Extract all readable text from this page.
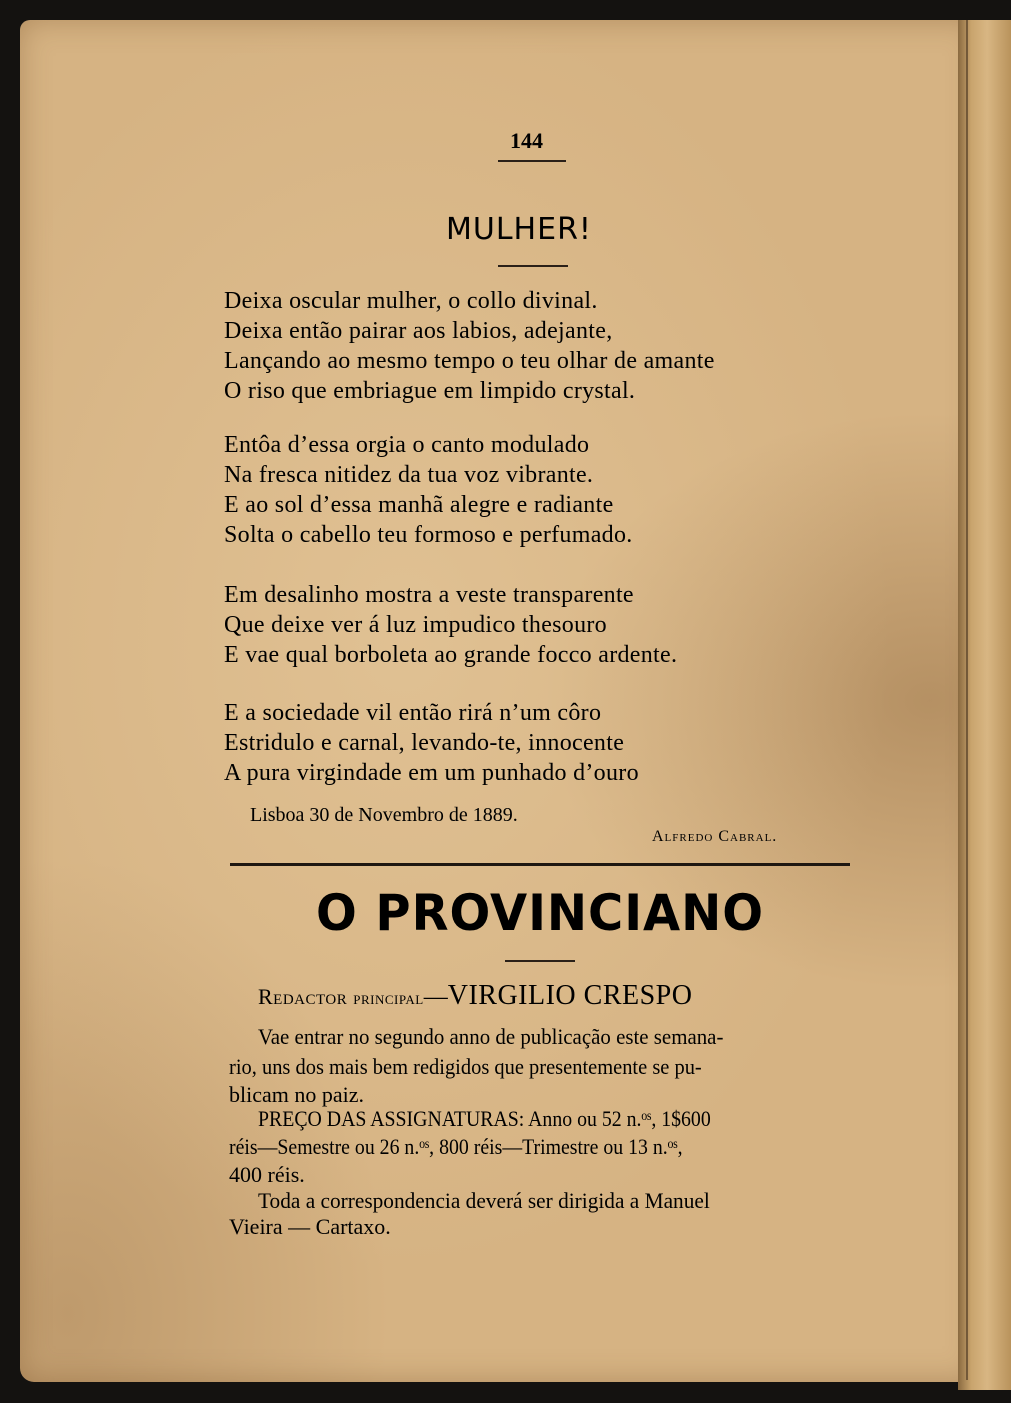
144
MULHER!
Deixa oscular mulher, o collo divinal.
Deixa então pairar aos labios, adejante,
Lançando ao mesmo tempo o teu olhar de amante
O riso que embriague em limpido crystal.
Entôa d’essa orgia o canto modulado
Na fresca nitidez da tua voz vibrante.
E ao sol d’essa manhã alegre e radiante
Solta o cabello teu formoso e perfumado.
Em desalinho mostra a veste transparente
Que deixe ver á luz impudico thesouro
E vae qual borboleta ao grande focco ardente.
E a sociedade vil então rirá n’um côro
Estridulo e carnal, levando-te, innocente
A pura virgindade em um punhado d’ouro
Lisboa 30 de Novembro de 1889.
Alfredo Cabral.
O PROVINCIANO
Redactor principal—VIRGILIO CRESPO
Vae entrar no segundo anno de publicação este semana-
rio, uns dos mais bem redigidos que presentemente se pu-
blicam no paiz.
PREÇO DAS ASSIGNATURAS: Anno ou 52 n.ᵒˢ, 1$600
réis—Semestre ou 26 n.ᵒˢ, 800 réis—Trimestre ou 13 n.ᵒˢ,
400 réis.
Toda a correspondencia deverá ser dirigida a Manuel
Vieira — Cartaxo.
